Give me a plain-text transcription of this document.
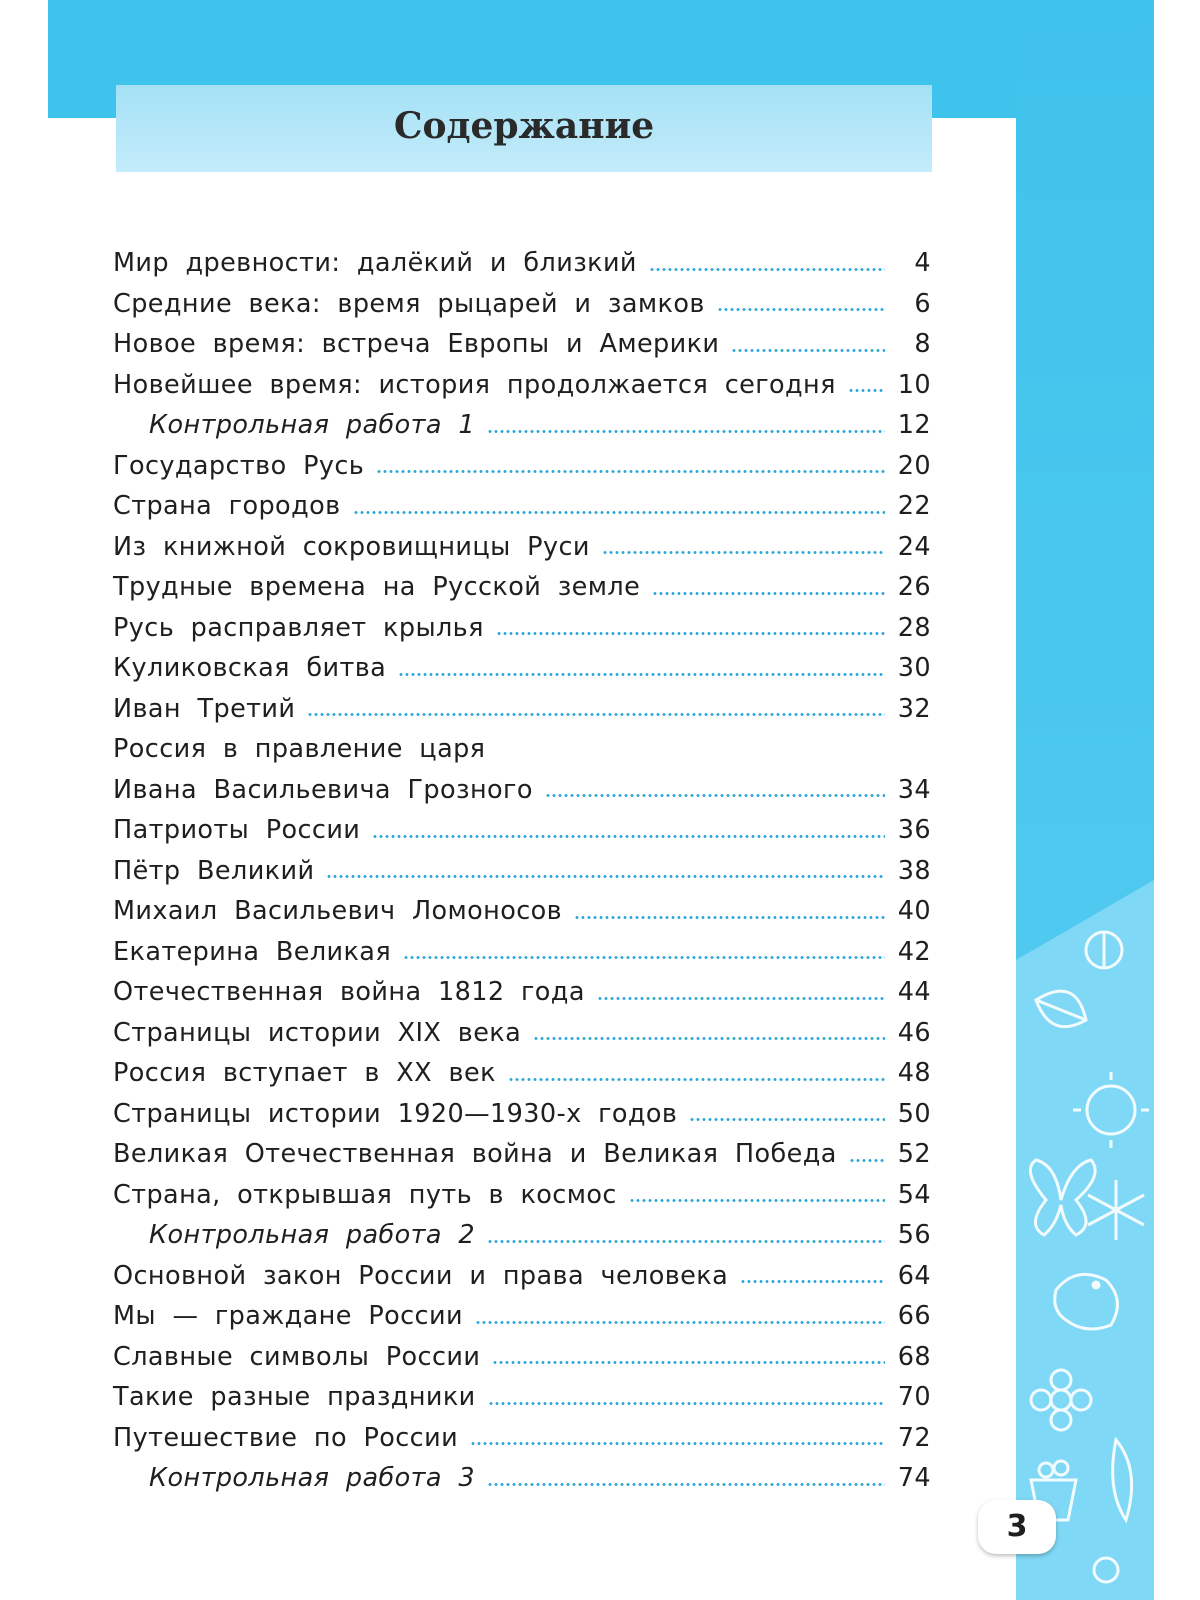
Содержание
Мир древности: далёкий и близкий	4
Средние века: время рыцарей и замков	6
Новое время: встреча Европы и Америки	8
Новейшее время: история продолжается сегодня 10
Контрольная работа 1	12
Государство Русь	20
Страна городов	22
Из книжной сокровищницы Руси	24
Трудные времена на Русской земле	26
Русь расправляет крылья	28
Куликовская битва	30
Иван Третий	32
Россия в правление царя
Ивана Васильевича Грозного	34
Патриоты России	36
Пётр Великий	38
Михаил Васильевич Ломоносов	40
Екатерина Великая	42
Отечественная война 1812 года	44
Страницы истории XIX века	46
Россия вступает в XX век	48
Страницы истории 1920—1930-х годов	50
Великая Отечественная война и Великая Победа 52
Страна, открывшая путь в космос	54
Контрольная работа 2	56
Основной закон России и права человека	64
Мы — граждане России	66
Славные символы России	68
Такие разные праздники	70
Путешествие по России	72
Контрольная работа 3	74
3
